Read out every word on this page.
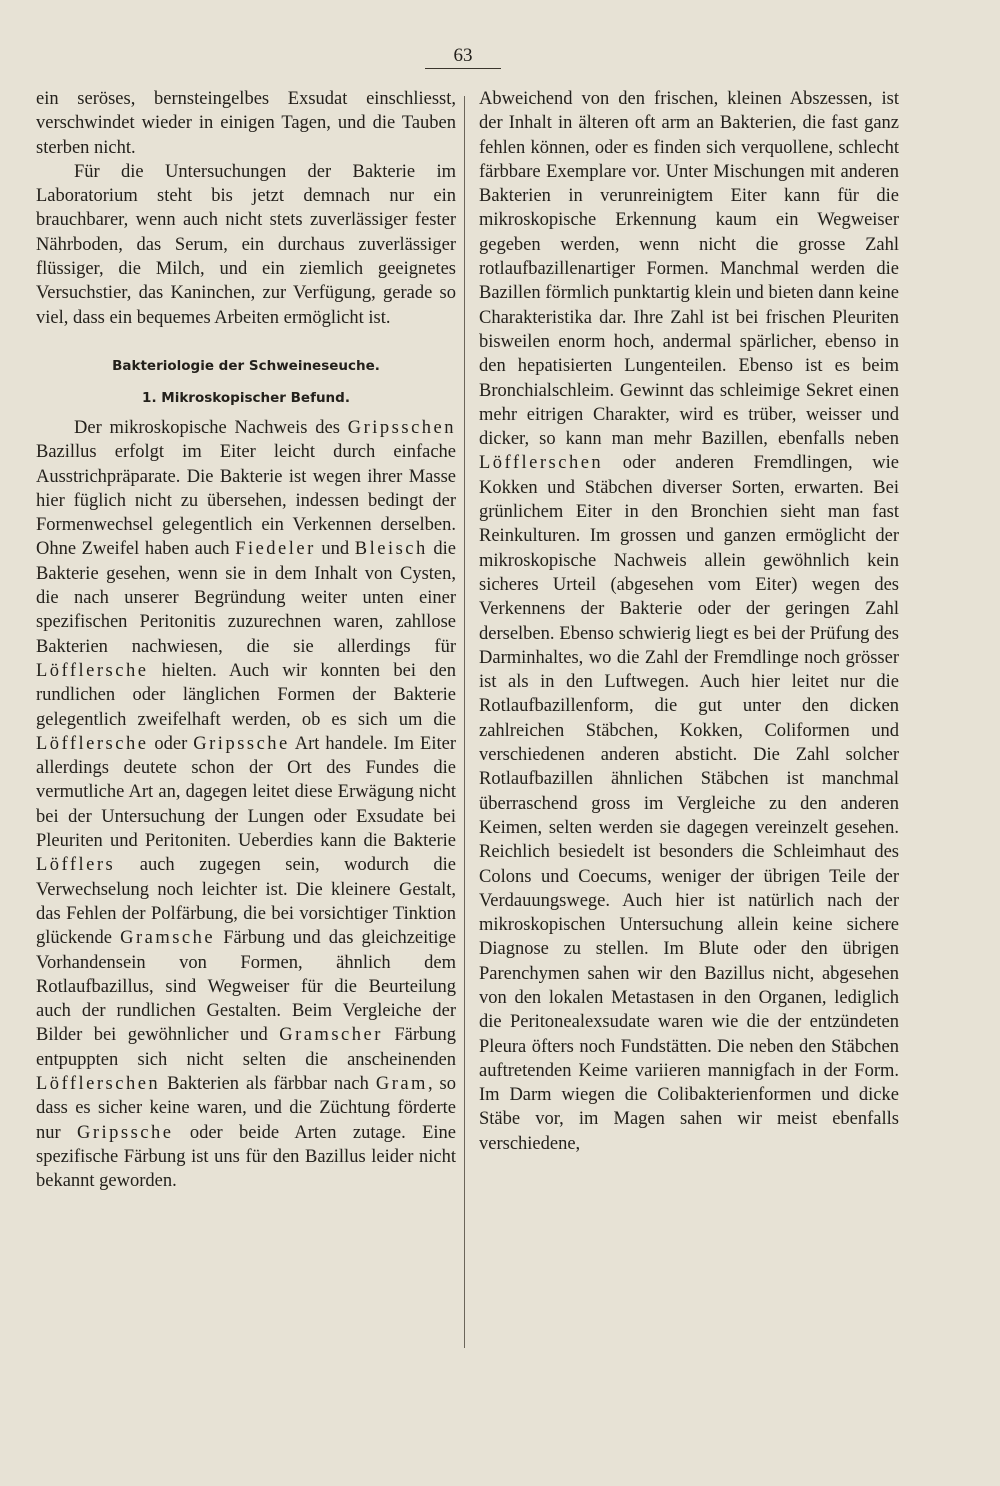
63

ein seröses, bernsteingelbes Exsudat einschliesst, verschwindet wieder in einigen Tagen, und die Tauben sterben nicht.

Für die Untersuchungen der Bakterie im Laboratorium steht bis jetzt demnach nur ein brauchbarer, wenn auch nicht stets zuverlässiger fester Nährboden, das Serum, ein durchaus zuverlässiger flüssiger, die Milch, und ein ziemlich geeignetes Versuchstier, das Kaninchen, zur Verfügung, gerade so viel, dass ein bequemes Arbeiten ermöglicht ist.

Bakteriologie der Schweineseuche.
1. Mikroskopischer Befund.

Der mikroskopische Nachweis des Gripsschen Bazillus erfolgt im Eiter leicht durch einfache Ausstrichpräparate. Die Bakterie ist wegen ihrer Masse hier füglich nicht zu übersehen, indessen bedingt der Formenwechsel gelegentlich ein Verkennen derselben. Ohne Zweifel haben auch Fiedeler und Bleisch die Bakterie gesehen, wenn sie in dem Inhalt von Cysten, die nach unserer Begründung weiter unten einer spezifischen Peritonitis zuzurechnen waren, zahllose Bakterien nachwiesen, die sie allerdings für Löfflersche hielten. Auch wir konnten bei den rundlichen oder länglichen Formen der Bakterie gelegentlich zweifelhaft werden, ob es sich um die Löfflersche oder Gripssche Art handele. Im Eiter allerdings deutete schon der Ort des Fundes die vermutliche Art an, dagegen leitet diese Erwägung nicht bei der Untersuchung der Lungen oder Exsudate bei Pleuriten und Peritoniten. Ueberdies kann die Bakterie Löfflers auch zugegen sein, wodurch die Verwechselung noch leichter ist. Die kleinere Gestalt, das Fehlen der Polfärbung, die bei vorsichtiger Tinktion glückende Gramsche Färbung und das gleichzeitige Vorhandensein von Formen, ähnlich dem Rotlaufbazillus, sind Wegweiser für die Beurteilung auch der rundlichen Gestalten. Beim Vergleiche der Bilder bei gewöhnlicher und Gramscher Färbung entpuppten sich nicht selten die anscheinenden Löfflerschen Bakterien als färbbar nach Gram, so dass es sicher keine waren, und die Züchtung förderte nur Gripssche oder beide Arten zutage. Eine spezifische Färbung ist uns für den Bazillus leider nicht bekannt geworden.

Abweichend von den frischen, kleinen Abszessen, ist der Inhalt in älteren oft arm an Bakterien, die fast ganz fehlen können, oder es finden sich verquollene, schlecht färbbare Exemplare vor. Unter Mischungen mit anderen Bakterien in verunreinigtem Eiter kann für die mikroskopische Erkennung kaum ein Wegweiser gegeben werden, wenn nicht die grosse Zahl rotlaufbazillenartiger Formen. Manchmal werden die Bazillen förmlich punktartig klein und bieten dann keine Charakteristika dar. Ihre Zahl ist bei frischen Pleuriten bisweilen enorm hoch, andermal spärlicher, ebenso in den hepatisierten Lungenteilen. Ebenso ist es beim Bronchialschleim. Gewinnt das schleimige Sekret einen mehr eitrigen Charakter, wird es trüber, weisser und dicker, so kann man mehr Bazillen, ebenfalls neben Löfflerschen oder anderen Fremdlingen, wie Kokken und Stäbchen diverser Sorten, erwarten. Bei grünlichem Eiter in den Bronchien sieht man fast Reinkulturen. Im grossen und ganzen ermöglicht der mikroskopische Nachweis allein gewöhnlich kein sicheres Urteil (abgesehen vom Eiter) wegen des Verkennens der Bakterie oder der geringen Zahl derselben. Ebenso schwierig liegt es bei der Prüfung des Darminhaltes, wo die Zahl der Fremdlinge noch grösser ist als in den Luftwegen. Auch hier leitet nur die Rotlaufbazillenform, die gut unter den dicken zahlreichen Stäbchen, Kokken, Coliformen und verschiedenen anderen absticht. Die Zahl solcher Rotlaufbazillen ähnlichen Stäbchen ist manchmal überraschend gross im Vergleiche zu den anderen Keimen, selten werden sie dagegen vereinzelt gesehen. Reichlich besiedelt ist besonders die Schleimhaut des Colons und Coecums, weniger der übrigen Teile der Verdauungswege. Auch hier ist natürlich nach der mikroskopischen Untersuchung allein keine sichere Diagnose zu stellen. Im Blute oder den übrigen Parenchymen sahen wir den Bazillus nicht, abgesehen von den lokalen Metastasen in den Organen, lediglich die Peritonealexsudate waren wie die der entzündeten Pleura öfters noch Fundstätten. Die neben den Stäbchen auftretenden Keime variieren mannigfach in der Form. Im Darm wiegen die Colibakterienformen und dicke Stäbe vor, im Magen sahen wir meist ebenfalls verschiedene,
